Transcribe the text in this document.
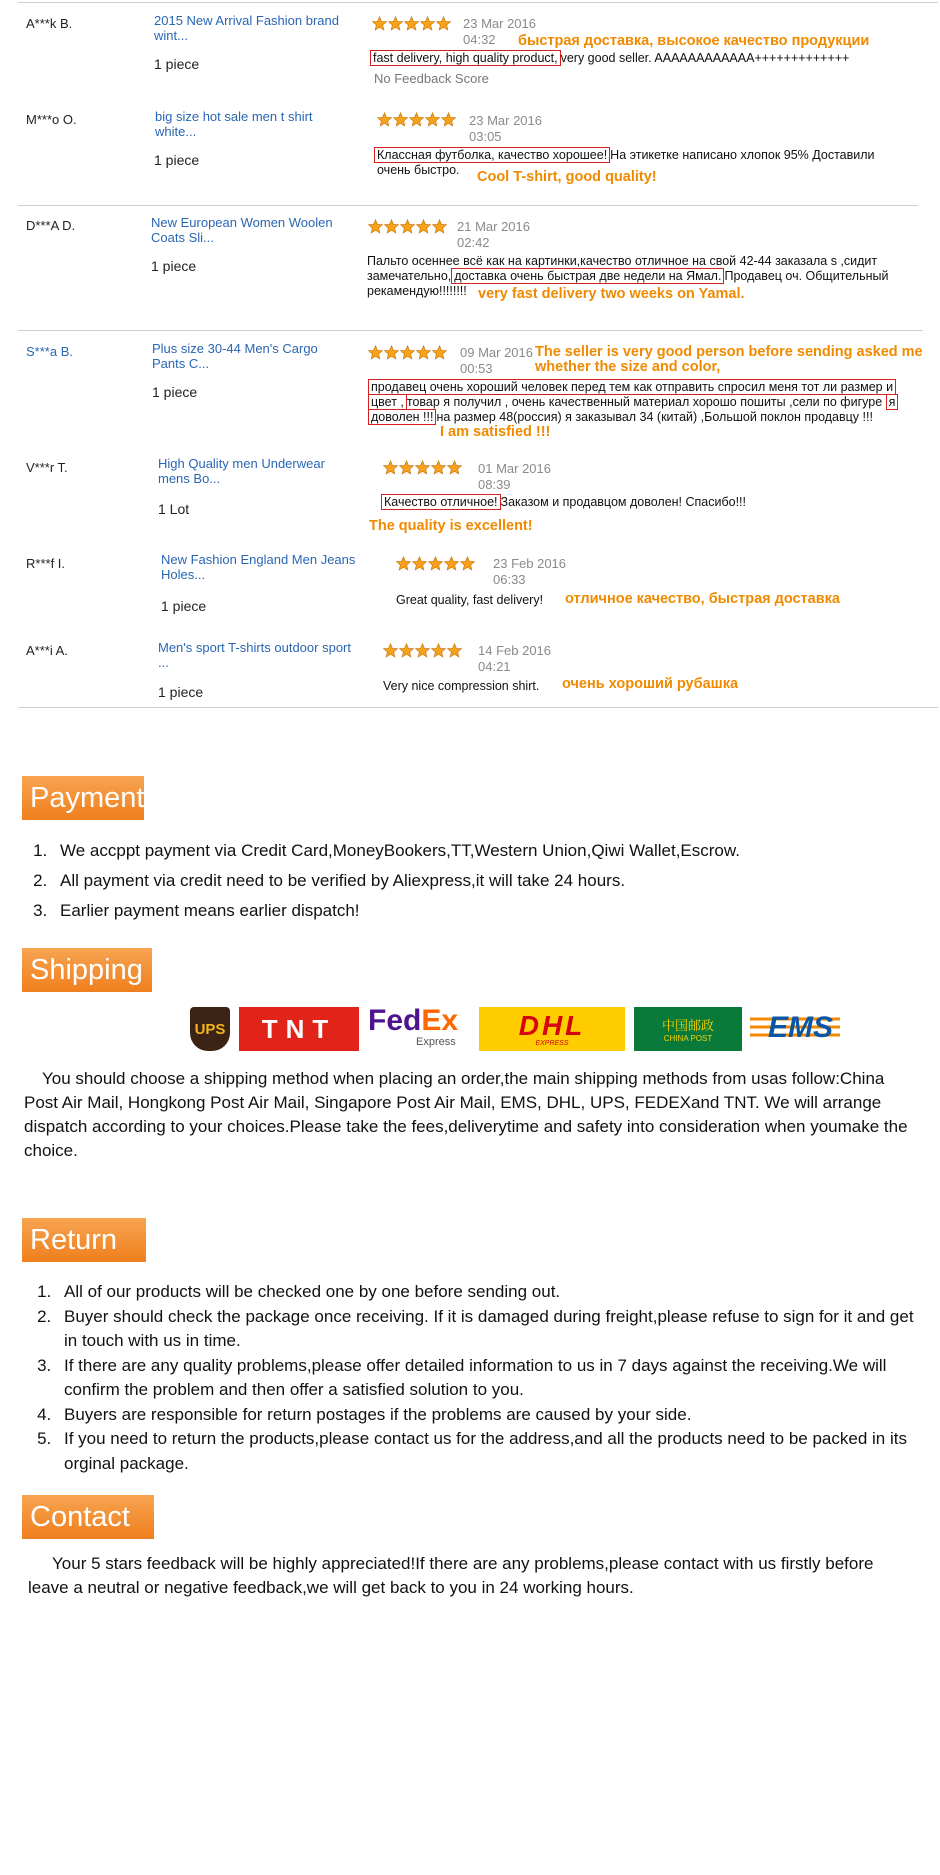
A***k B.	2015 New Arrival Fashion brand wint...
1 piece
23 Mar 2016
04:32 быстрая доставка, высокое качество продукции
fast delivery, high quality product, very good seller. AAAAAAAAAAAA+++++++++++++
No Feedback Score
M***o O.	big size hot sale men t shirt white...
1 piece
23 Mar 2016
03:05
Классная футболка, качество хорошее! На этикетке написано хлопок 95% Доставили
очень быстро. Cool T-shirt, good quality!
D***A D.	New European Women Woolen Coats Sli...
1 piece
21 Mar 2016
02:42
Пальто осеннее всё как на картинки,качество отличное на свой 42-44 заказала s ,сидит
замечательно, доставка очень быстрая две недели на Ямал. Продавец оч. Общительный
рекамендую!!!!!!!! very fast delivery two weeks on Yamal.
S***a B.	Plus size 30-44 Men's Cargo Pants C...
1 piece
09 Mar 2016
00:53
The seller is very good person before sending asked me
whether the size and color,
продавец очень хороший человек перед тем как отправить спросил меня тот ли размер и
цвет , товар я получил , очень качественный материал хорошо пошиты ,сели по фигуре я
доволен !!! на размер 48(россия) я заказывал 34 (китай) ,Большой поклон продавцу !!!
I am satisfied !!!
V***r T.	High Quality men Underwear mens Bo...
1 Lot
01 Mar 2016
08:39
Качество отличное! Заказом и продавцом доволен! Спасибо!!!
The quality is excellent!
R***f I.	New Fashion England Men Jeans Holes...
1 piece
23 Feb 2016
06:33
Great quality, fast delivery! отличное качество, быстрая доставка
A***i A.	Men's sport T-shirts outdoor sport ...
1 piece
14 Feb 2016
04:21
Very nice compression shirt. очень хороший рубашка
Payment
1. We accppt payment via Credit Card,MoneyBookers,TT,Western Union,Qiwi Wallet,Escrow.
2. All payment via credit need to be verified by Aliexpress,it will take 24 hours.
3. Earlier payment means earlier dispatch!
Shipping
UPS TNT FedEx
Express
DHL
EXPRESS
中国邮政
CHINA POST EMS
You should choose a shipping method when placing an order,the main shipping methods from usas follow:China Post Air Mail, Hongkong Post Air Mail, Singapore Post Air Mail, EMS, DHL, UPS, FEDEXand TNT. We will arrange dispatch according to your choices.Please take the fees,deliverytime and safety into consideration when youmake the choice.
Return
1. All of our products will be checked one by one before sending out.
2. Buyer should check the package once receiving. If it is damaged during freight,please refuse to sign for it and get in touch with us in time.
3. If there are any quality problems,please offer detailed information to us in 7 days against the receiving.We will confirm the problem and then offer a satisfied solution to you.
4. Buyers are responsible for return postages if the problems are caused by your side.
5. If you need to return the products,please contact us for the address,and all the products need to be packed in its orginal package.
Contact
Your 5 stars feedback will be highly appreciated!If there are any problems,please contact with us firstly before leave a neutral or negative feedback,we will get back to you in 24 working hours.
